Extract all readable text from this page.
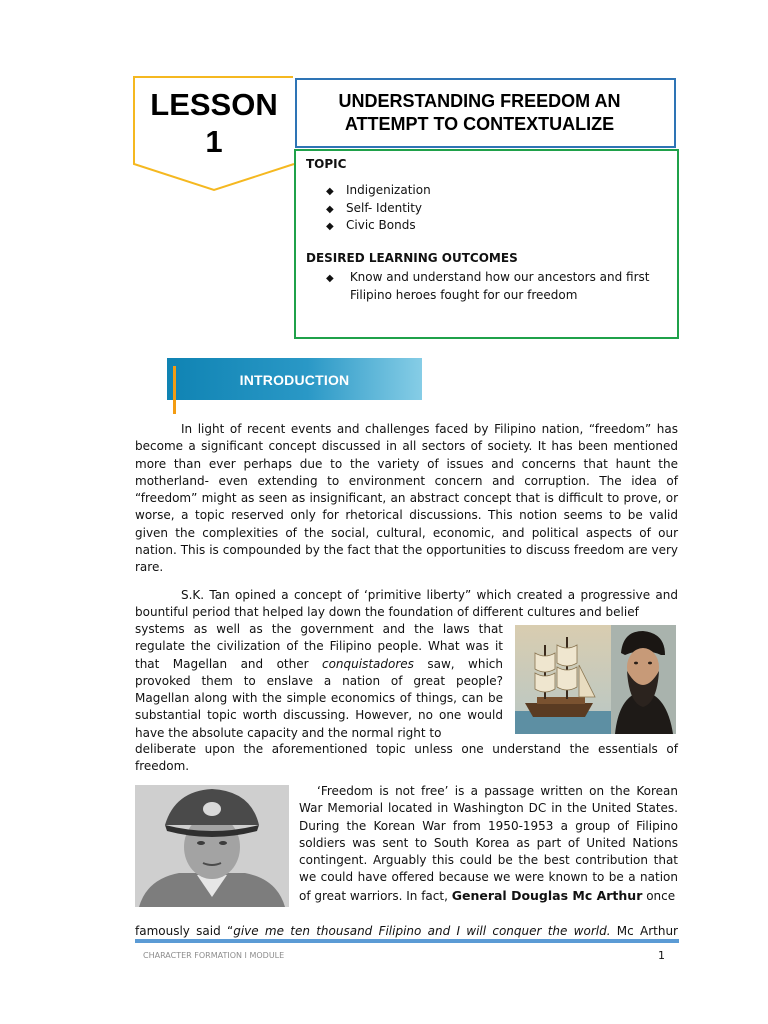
LESSON
1
UNDERSTANDING FREEDOM AN
ATTEMPT TO CONTEXTUALIZE
TOPIC
◆ Indigenization
◆ Self- Identity
◆ Civic Bonds
DESIRED LEARNING OUTCOMES
◆ Know and understand how our ancestors and first
Filipino heroes fought for our freedom
INTRODUCTION

In light of recent events and challenges faced by Filipino nation, “freedom” has become a significant concept discussed in all sectors of society. It has been mentioned more than ever perhaps due to the variety of issues and concerns that haunt the motherland- even extending to environment concern and corruption. The idea of “freedom” might as seen as insignificant, an abstract concept that is difficult to prove, or worse, a topic reserved only for rhetorical discussions. This notion seems to be valid given the complexities of the social, cultural, economic, and political aspects of our nation. This is compounded by the fact that the opportunities to discuss freedom are very rare.

S.K. Tan opined a concept of ‘primitive liberty” which created a progressive and bountiful period that helped lay down the foundation of different cultures and belief

systems as well as the government and the laws that regulate the civilization of the Filipino people. What was it that Magellan and other conquistadores saw, which provoked them to enslave a nation of great people? Magellan along with the simple economics of things, can be substantial topic worth discussing. However, no one would have the absolute capacity and the normal right to

deliberate upon the aforementioned topic unless one understand the essentials of freedom.

‘Freedom is not free’ is a passage written on the Korean War Memorial located in Washington DC in the United States. During the Korean War from 1950-1953 a group of Filipino soldiers was sent to South Korea as part of United Nations contingent. Arguably this could be the best contribution that we could have offered because we were known to be a nation of great warriors. In fact, General Douglas Mc Arthur once

famously said “give me ten thousand Filipino and I will conquer the world. Mc Arthur

CHARACTER FORMATION I MODULE	1
